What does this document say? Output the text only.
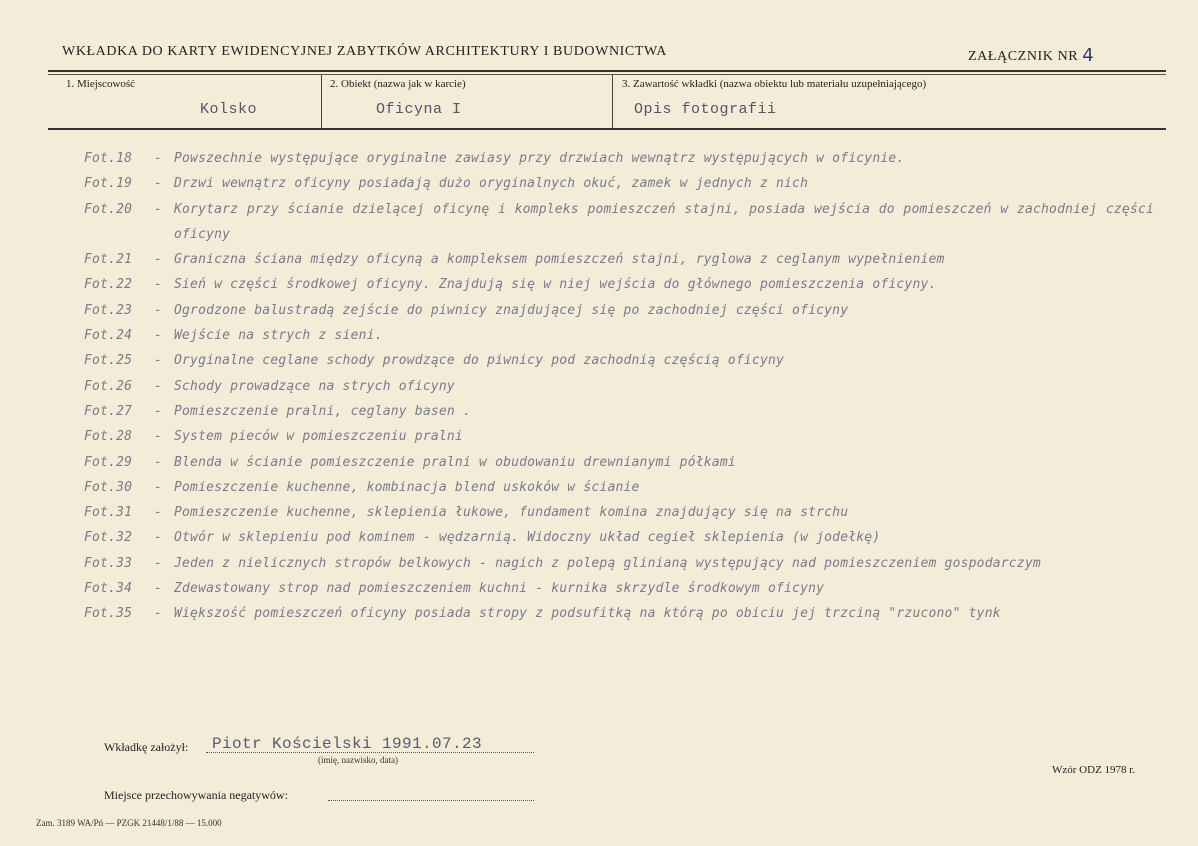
WKŁADKA DO KARTY EWIDENCYJNEJ ZABYTKÓW ARCHITEKTURY I BUDOWNICTWA	ZAŁĄCZNIK NR 4
1. Miejscowość
Kolsko
2. Obiekt (nazwa jak w karcie)
Oficyna I
3. Zawartość wkładki (nazwa obiektu lub materiału uzupełniającego)
Opis fotografii
Fot.18	- Powszechnie występujące oryginalne zawiasy przy drzwiach wewnątrz występujących w oficynie.
Fot.19	- Drzwi wewnątrz oficyny posiadają dużo oryginalnych okuć, zamek w jednych z nich
Fot.20	- Korytarz przy ścianie dzielącej oficynę i kompleks pomieszczeń stajni, posiada wejścia do pomieszczeń w zachodniej części oficyny
Fot.21	- Graniczna ściana między oficyną a kompleksem pomieszczeń stajni, ryglowa z ceglanym wypełnieniem
Fot.22	- Sień w części środkowej oficyny. Znajdują się w niej wejścia do głównego pomieszczenia oficyny.
Fot.23	- Ogrodzone balustradą zejście do piwnicy znajdującej się po zachodniej części oficyny
Fot.24	- Wejście na strych z sieni.
Fot.25	- Oryginalne ceglane schody prowdzące do piwnicy pod zachodnią częścią oficyny
Fot.26	- Schody prowadzące na strych oficyny
Fot.27	- Pomieszczenie pralni, ceglany basen .
Fot.28	- System pieców w pomieszczeniu pralni
Fot.29	- Blenda w ścianie pomieszczenie pralni w obudowaniu drewnianymi półkami
Fot.30	- Pomieszczenie kuchenne, kombinacja blend uskoków w ścianie
Fot.31	- Pomieszczenie kuchenne, sklepienia łukowe, fundament komina znajdujący się na strchu
Fot.32	- Otwór w sklepieniu pod kominem - wędzarnią. Widoczny układ cegieł sklepienia (w jodełkę)
Fot.33	- Jeden z nielicznych stropów belkowych - nagich z polepą glinianą występujący nad pomieszczeniem gospodarczym
Fot.34	- Zdewastowany strop nad pomieszczeniem kuchni - kurnika skrzydle środkowym oficyny
Fot.35	- Większość pomieszczeń oficyny posiada stropy z podsufitką na którą po obiciu jej trzciną "rzucono" tynk
Wkładkę założył: Piotr Kościelski 1991.07.23
(imię, nazwisko, data)
Wzór ODZ 1978 r.
Miejsce przechowywania negatywów:
Zam. 3189 WA/Pń — PZGK 21448/1/88 — 15.000
